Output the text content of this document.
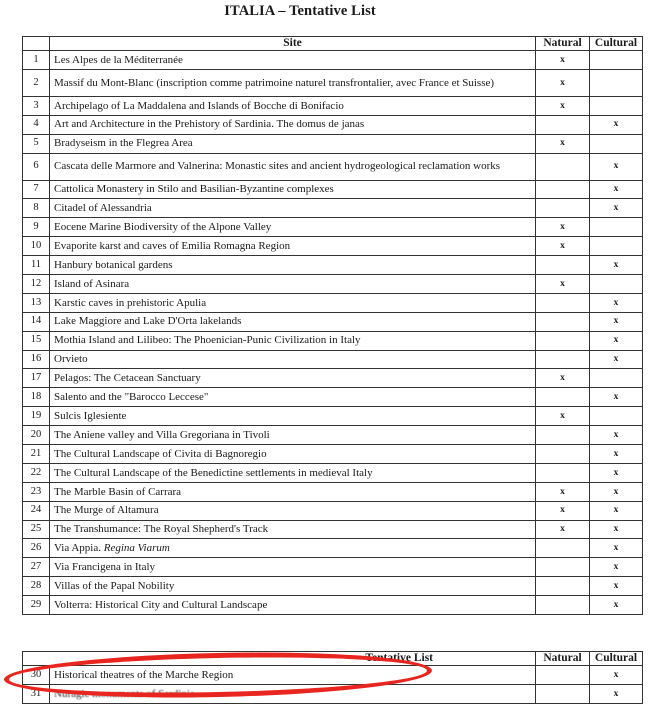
ITALIA – Tentative List
	Site	Natural	Cultural
1	Les Alpes de la Méditerranée	x	
2	Massif du Mont-Blanc (inscription comme patrimoine naturel transfrontalier, avec France et Suisse)	x	
3	Archipelago of La Maddalena and Islands of Bocche di Bonifacio	x	
4	Art and Architecture in the Prehistory of Sardinia. The domus de janas		x
5	Bradyseism in the Flegrea Area	x	
6	Cascata delle Marmore and Valnerina: Monastic sites and ancient hydrogeological reclamation works		x
7	Cattolica Monastery in Stilo and Basilian-Byzantine complexes		x
8	Citadel of Alessandria		x
9	Eocene Marine Biodiversity of the Alpone Valley	x	
10	Evaporite karst and caves of Emilia Romagna Region	x	
11	Hanbury botanical gardens		x
12	Island of Asinara	x	
13	Karstic caves in prehistoric Apulia		x
14	Lake Maggiore and Lake D'Orta lakelands		x
15	Mothia Island and Lilibeo: The Phoenician-Punic Civilization in Italy		x
16	Orvieto		x
17	Pelagos: The Cetacean Sanctuary	x	
18	Salento and the "Barocco Leccese"		x
19	Sulcis Iglesiente	x	
20	The Aniene valley and Villa Gregoriana in Tivoli		x
21	The Cultural Landscape of Civita di Bagnoregio		x
22	The Cultural Landscape of the Benedictine settlements in medieval Italy		x
23	The Marble Basin of Carrara	x	x
24	The Murge of Altamura	x	x
25	The Transhumance: The Royal Shepherd's Track	x	x
26	Via Appia. Regina Viarum		x
27	Via Francigena in Italy		x
28	Villas of the Papal Nobility		x
29	Volterra: Historical City and Cultural Landscape		x
Tentative List		Natural	Cultural
30	Historical theatres of the Marche Region		x
31	Nuragic monuments of Sardinia		x
